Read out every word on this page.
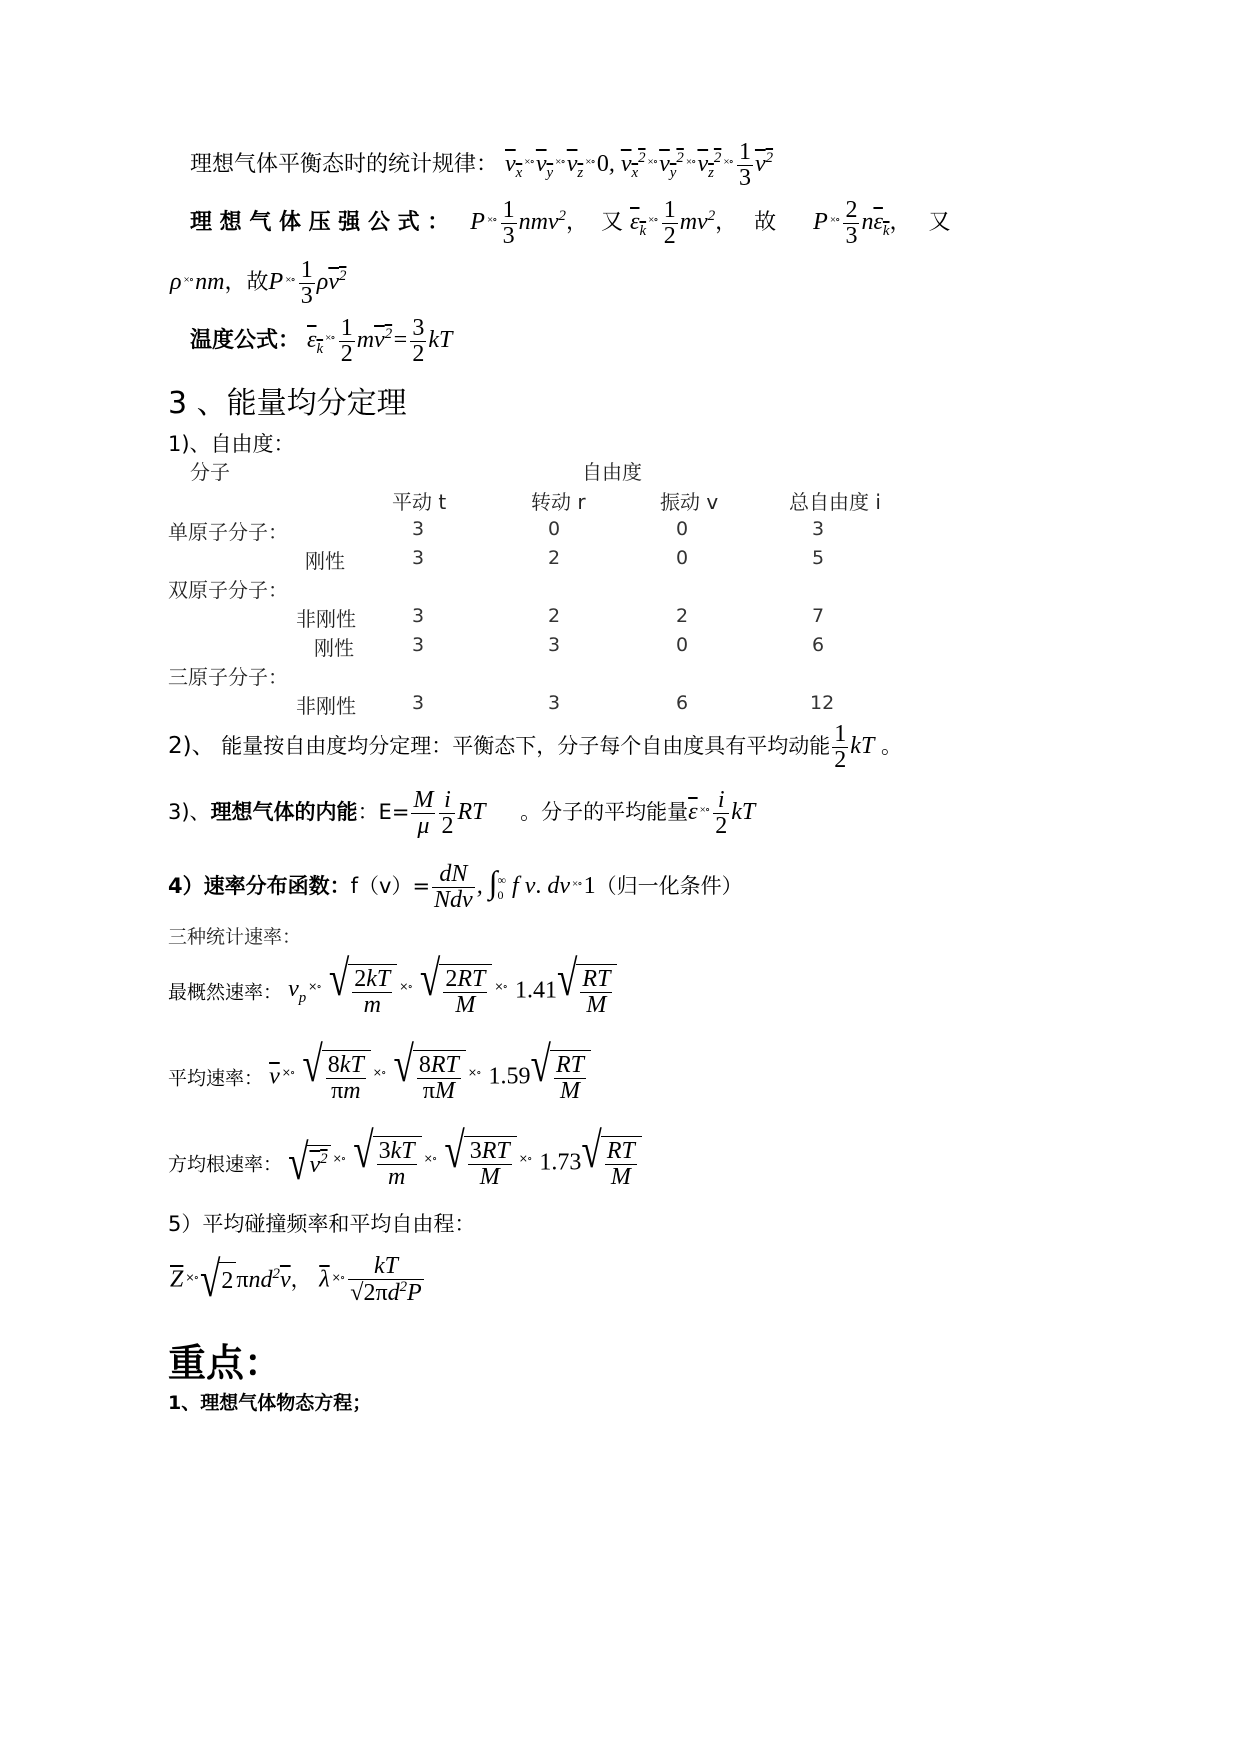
理想气体平衡态时的统计规律： $v_x^{\times\circ}v_y^{\times\circ}v_z^{\times\circ}0$, $v_x^2$ $^{\times\circ}v_y^2$ $^{\times\circ}v_z^2$ $^{\times\circ} \frac{1}{3} v^2$
理 想 气 体 压 强 公 式 ： P $^{\times\circ} \frac{1}{3} nmv^2$， 又 $\varepsilon_k^{\times\circ} \frac{1}{2} mv^2$， 故 P $^{\times\circ} \frac{2}{3} n\varepsilon_k$， 又
ρ ×∘nm，故P $^{\times\circ} \frac{1}{3} \rho v^2$
温度公式： $\varepsilon_k^{\times\circ} \frac{1}{2} mv^2= \frac{3}{2}$ kT
3 、能量均分定理
1)、自由度：
分子	自由度
平动 t	转动 r	振动 v	总自由度 i
单原子分子：	3	0	0	3
刚性	3	2	0	5
双原子分子：
非刚性	3	2	2	7
刚性	3	3	0	6
三原子分子：
非刚性	3	3	6	12
2)、 能量按自由度均分定理：平衡态下，分子每个自由度具有平均动能 $\frac{1}{2}$ kT 。
3)、理想气体的内能：$E= \frac{M}{\mu} \frac{i}{2}$ RT 。分子的平均能量$\overline{\varepsilon}$ $^{\times\circ} \frac{i}{2}$ kT
4）速率分布函数：$f(v)= \frac{dN}{\text{Ndv}}$ , $\int_0^\infty$ f v. dv ×∘1（归一化条件）
三种统计速率：
最概然速率： $v_p^{\times\circ}$ √ $\frac{2kT}{m} ^{\times\circ}$ √ $\frac{2RT}{M} ^{\times\circ}$ 1.41 √ $\frac{RT}{M}$
平均速率： $\overline{v}$ ×∘ √ $\frac{8kT}{\pi m} ^{\times\circ}$ √ $\frac{8RT}{\pi M} ^{\times\circ}$ 1.59 √ $\frac{RT}{M}$
方均根速率： √ $v^2$ ×∘ √ $\frac{3kT}{m} ^{\times\circ}$ √ $\frac{3RT}{M} ^{\times\circ}$ 1.73 √ $\frac{RT}{M}$
5）平均碰撞频率和平均自由程：
$\overline{Z}$ ×∘ √ 2 $\pi nd^2\overline{v}$， $\overline{\lambda}$ $^{\times\circ} \frac{kT}{√2\pi d^2P}$
重点：
1、理想气体物态方程；
